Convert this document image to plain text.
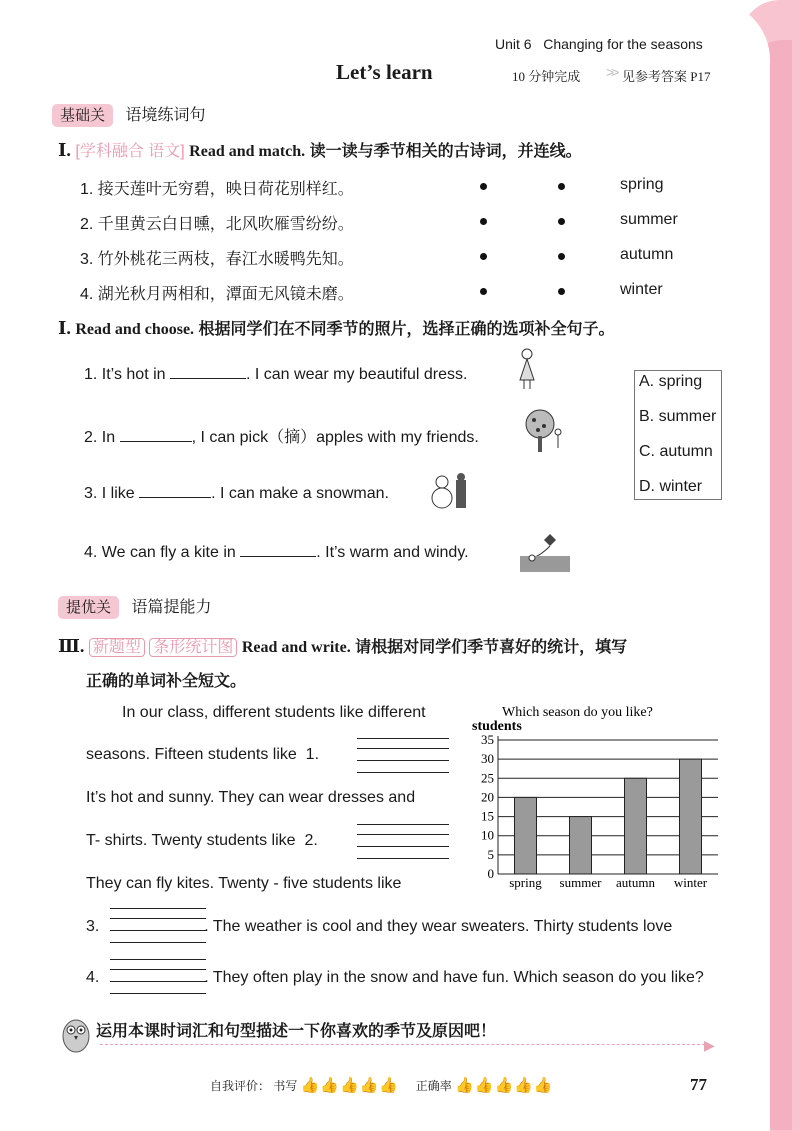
Unit 6 Changing for the seasons
Let’s learn	10 分钟完成 >> 见参考答案 P17
基础关 语境练词句
Ⅰ. [学科融合 语文] Read and match. 读一读与季节相关的古诗词，并连线。
1. 接天莲叶无穷碧，映日荷花别样红。
2. 千里黄云白日曛，北风吹雁雪纷纷。
3. 竹外桃花三两枝，春江水暖鸭先知。
4. 湖光秋月两相和，潭面无风镜未磨。
spring
summer
autumn
winter
Ⅰ. Read and choose. 根据同学们在不同季节的照片，选择正确的选项补全句子。
1. It’s hot in	. I can wear my beautiful dress.
2. In	, I can pick（摘）apples with my friends.
3. I like	. I can make a snowman.
4. We can fly a kite in	. It’s warm and windy.
A. spring
B. summer
C. autumn
D. winter
提优关 语篇提能力
Ⅲ. 新题型 条形统计图 Read and write. 请根据对同学们季节喜好的统计，填写
正确的单词补全短文。
In our class, different students like different
seasons. Fifteen students like 1.
It’s hot and sunny. They can wear dresses and
T- shirts. Twenty students like 2.
They can fly kites. Twenty - five students like
3.	. The weather is cool and they wear sweaters. Thirty students love
4.	. They often play in the snow and have fun. Which season do you like?
Which season do you like?
students
0
5
10
15
20
25
30
35
spring summer autumn winter
运用本课时词汇和句型描述一下你喜欢的季节及原因吧！
▶
自我评价： 书写 👍👍👍👍👍 正确率 👍👍👍👍👍	77
